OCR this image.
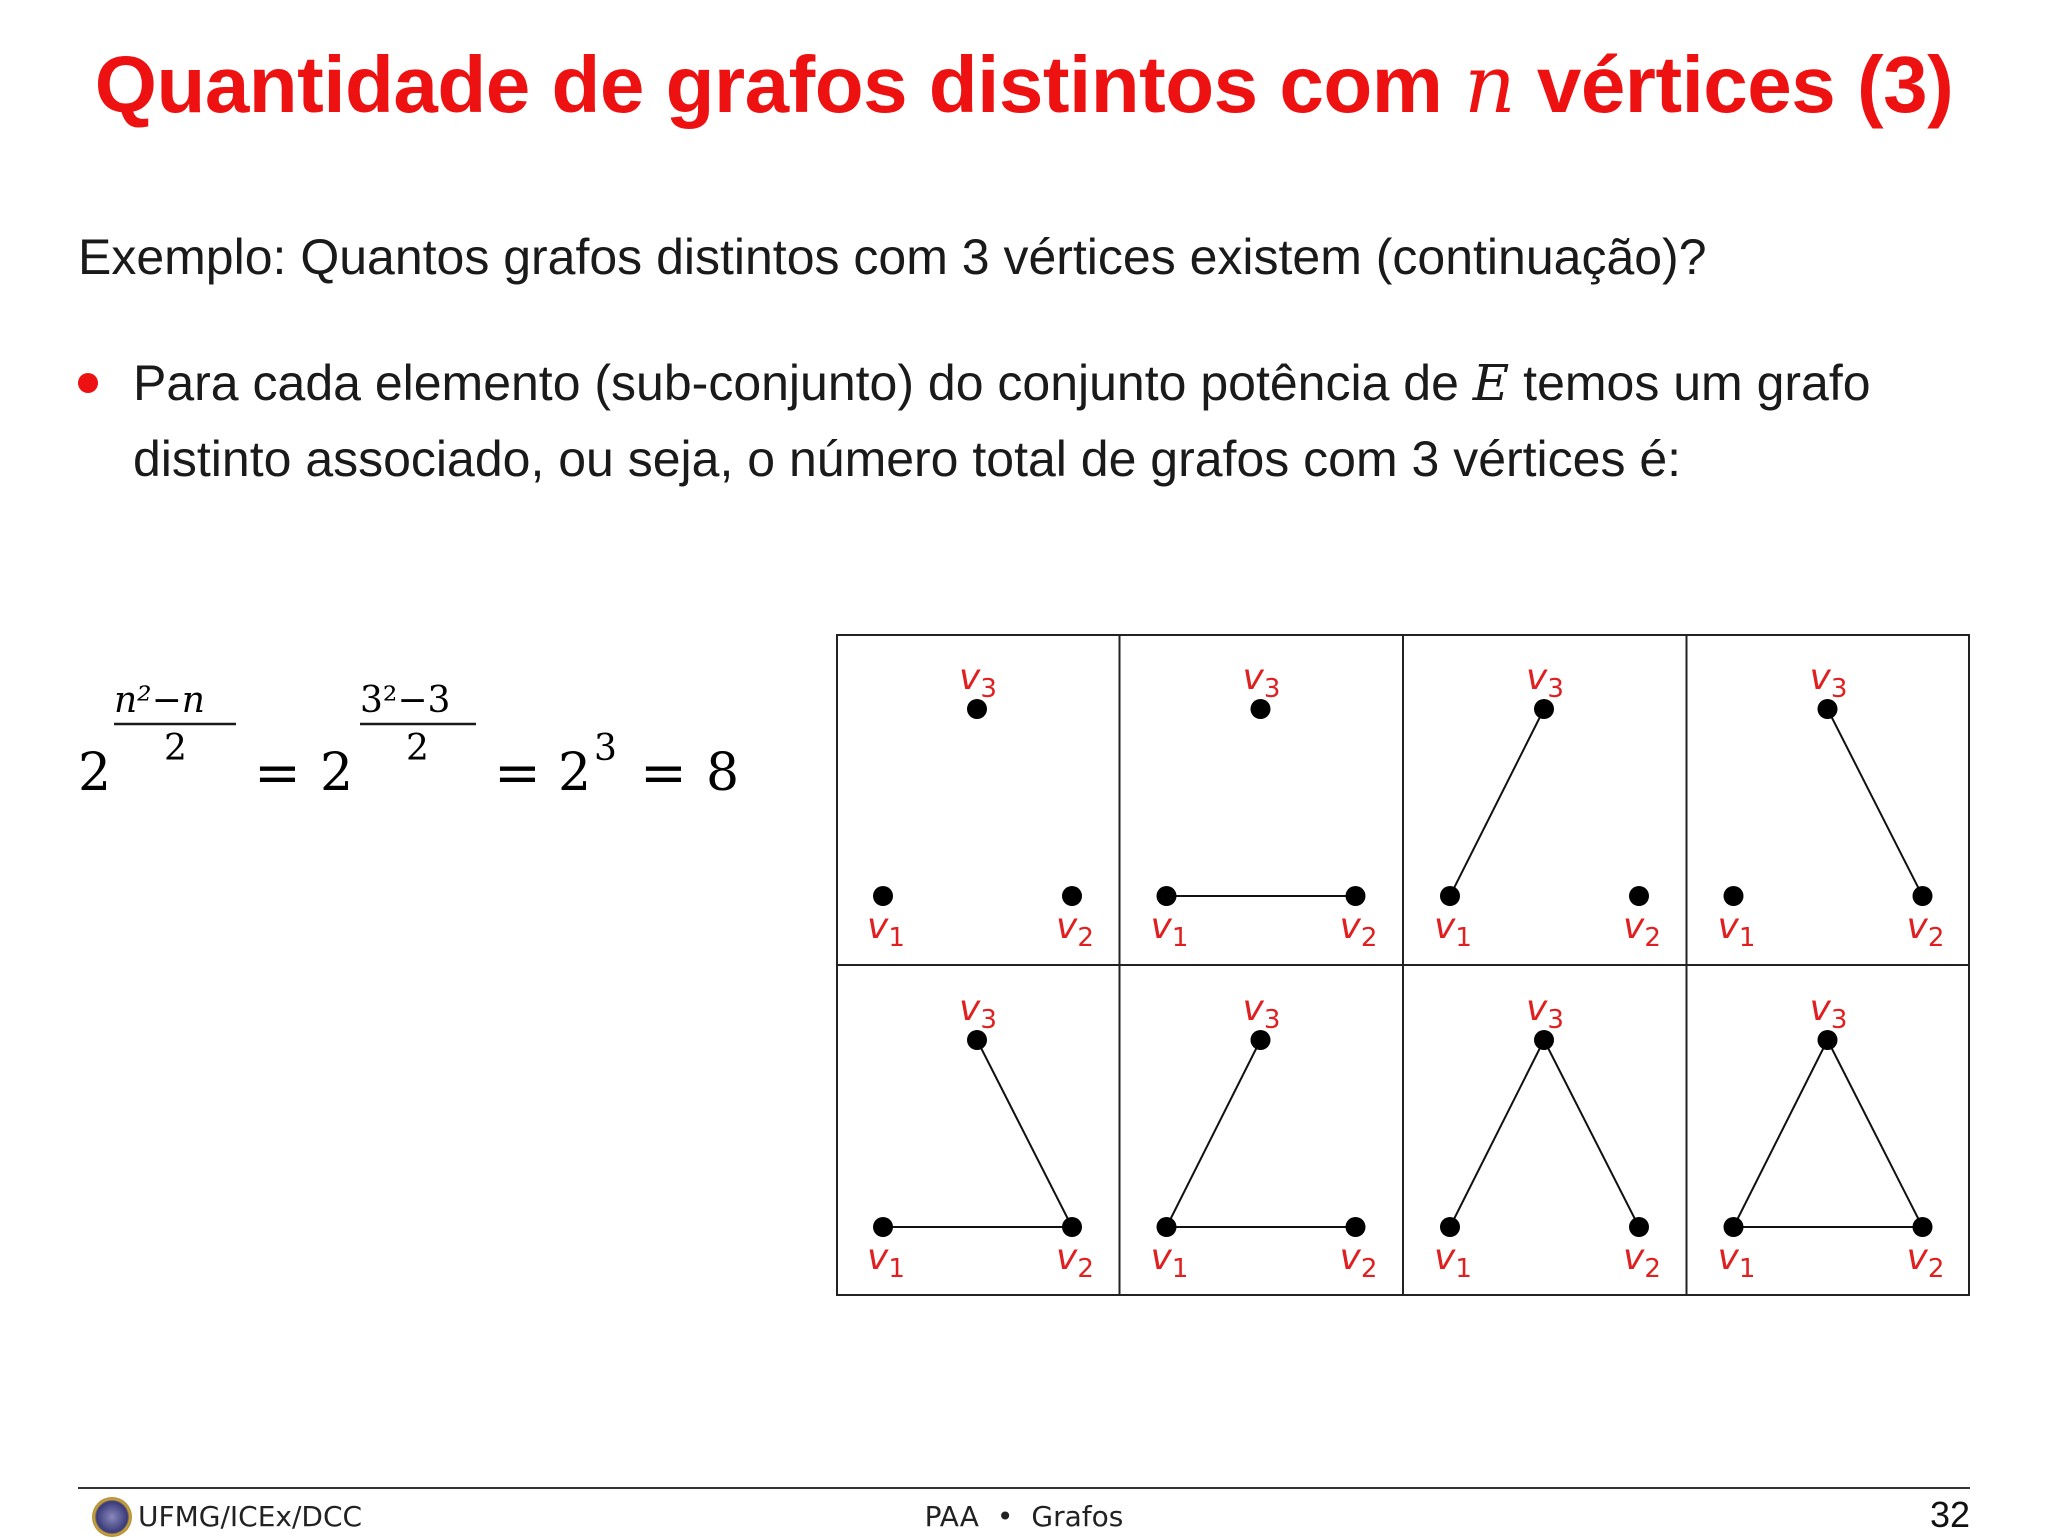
Quantidade de grafos distintos com n vértices (3)
Exemplo: Quantos grafos distintos com 3 vértices existem (continuação)?
Para cada elemento (sub-conjunto) do conjunto potência de E temos um grafo distinto associado, ou seja, o número total de grafos com 3 vértices é:
2
n²−n
2 = 2
3²−3
2 = 2 3 = 8
$v_1$	$v_2$
$v_3$
$v_1$	$v_2$
$v_3$
$v_1$	$v_2$
$v_3$
$v_1$	$v_2$
$v_3$
$v_1$	$v_2$
$v_3$
$v_1$	$v_2$
$v_3$
$v_1$	$v_2$
$v_3$
$v_1$	$v_2$
$v_3$
UFMG/ICEx/DCC	PAA • Grafos	32
